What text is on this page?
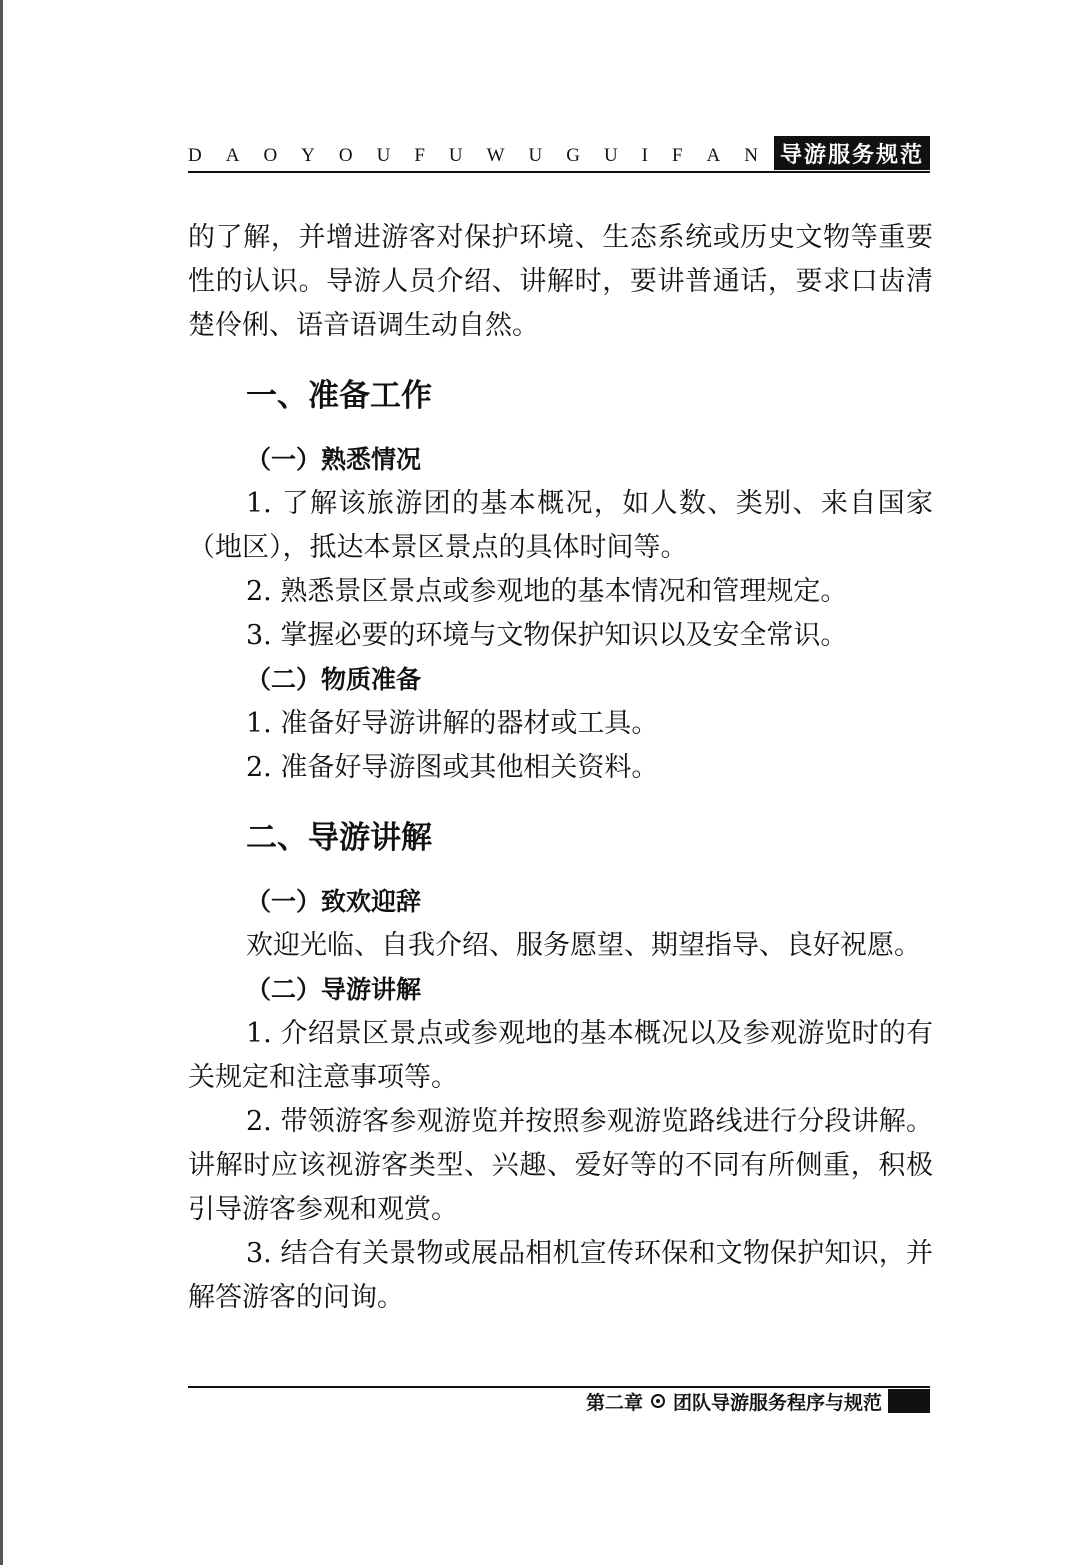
D A O Y O U F U W U G U I F A N 导游服务规范

的了解，并增进游客对保护环境、生态系统或历史文物等重要性的认识。导游人员介绍、讲解时，要讲普通话，要求口齿清楚伶俐、语音语调生动自然。

一、准备工作
（一）熟悉情况

1. 了解该旅游团的基本概况，如人数、类别、来自国家（地区），抵达本景区景点的具体时间等。

2. 熟悉景区景点或参观地的基本情况和管理规定。
3. 掌握必要的环境与文物保护知识以及安全常识。
（二）物质准备
1. 准备好导游讲解的器材或工具。
2. 准备好导游图或其他相关资料。
二、导游讲解
（一）致欢迎辞

欢迎光临、自我介绍、服务愿望、期望指导、良好祝愿。

（二）导游讲解

1. 介绍景区景点或参观地的基本概况以及参观游览时的有关规定和注意事项等。

2. 带领游客参观游览并按照参观游览路线进行分段讲解。讲解时应该视游客类型、兴趣、爱好等的不同有所侧重，积极引导游客参观和观赏。

3. 结合有关景物或展品相机宣传环保和文物保护知识，并解答游客的问询。

第二章 团队导游服务程序与规范
